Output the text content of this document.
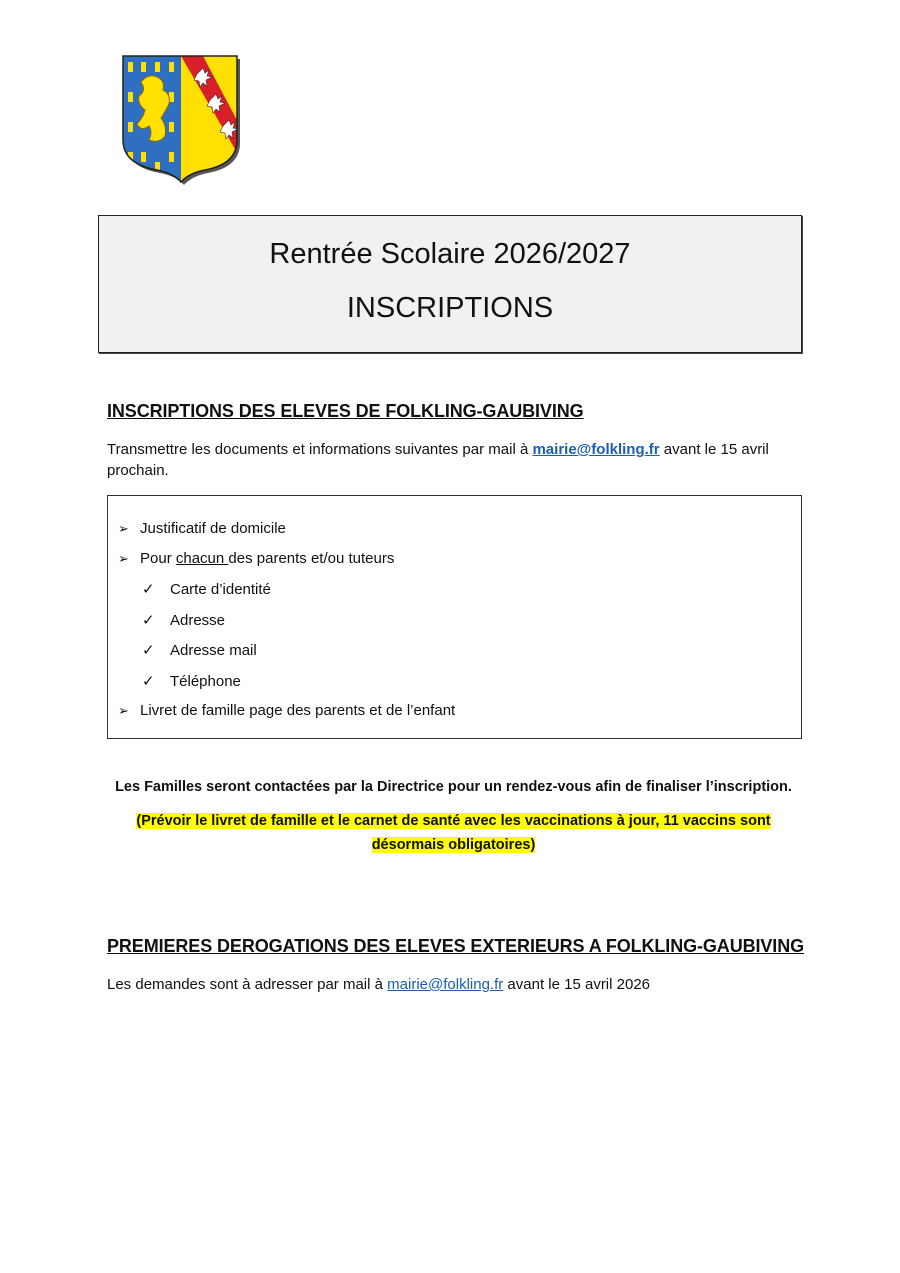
Rentrée Scolaire 2026/2027
INSCRIPTIONS
INSCRIPTIONS DES ELEVES DE FOLKLING-GAUBIVING
Transmettre les documents et informations suivantes par mail à mairie@folkling.fr avant le 15 avril
prochain.
➢ Justificatif de domicile
➢ Pour chacun des parents et/ou tuteurs
✓ Carte d’identité
✓ Adresse
✓ Adresse mail
✓ Téléphone
➢ Livret de famille page des parents et de l’enfant
Les Familles seront contactées par la Directrice pour un rendez-vous afin de finaliser l’inscription.
(Prévoir le livret de famille et le carnet de santé avec les vaccinations à jour, 11 vaccins sont
désormais obligatoires)
PREMIERES DEROGATIONS DES ELEVES EXTERIEURS A FOLKLING-GAUBIVING
Les demandes sont à adresser par mail à mairie@folkling.fr avant le 15 avril 2026
